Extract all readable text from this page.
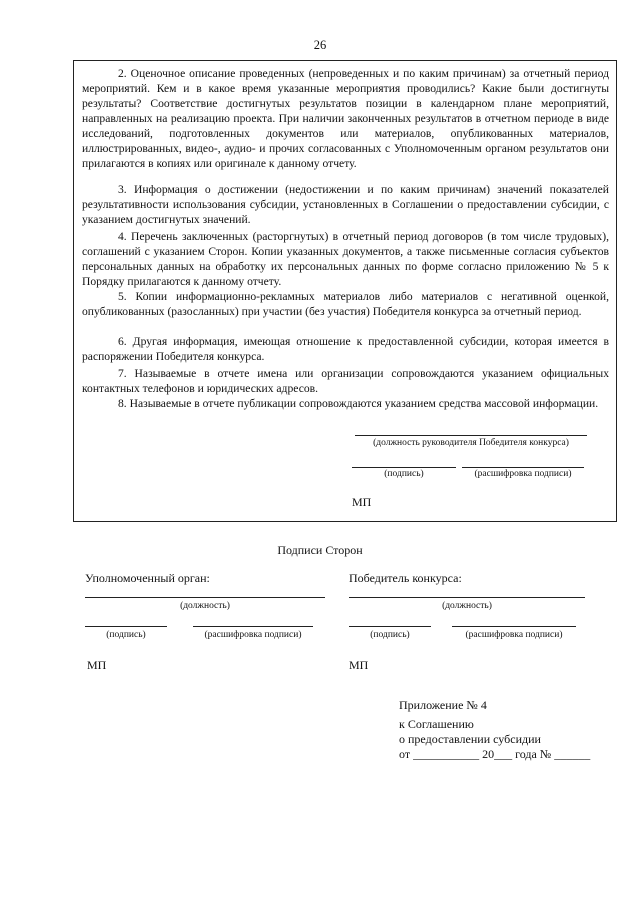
26

2. Оценочное описание проведенных (непроведенных и по каким причинам) за отчетный период мероприятий. Кем и в какое время указанные мероприятия проводились? Какие были достигнуты результаты? Соответствие достигнутых результатов позиции в календарном плане мероприятий, направленных на реализацию проекта. При наличии законченных результатов в отчетном периоде в виде исследований, подготовленных документов или материалов, опубликованных материалов, иллюстрированных, видео-, аудио- и прочих согласованных с Уполномоченным органом результатов они прилагаются в копиях или оригинале к данному отчету.

3. Информация о достижении (недостижении и по каким причинам) значений показателей результативности использования субсидии, установленных в Соглашении о предоставлении субсидии, с указанием достигнутых значений.

4. Перечень заключенных (расторгнутых) в отчетный период договоров (в том числе трудовых), соглашений с указанием Сторон. Копии указанных документов, а также письменные согласия субъектов персональных данных на обработку их персональных данных по форме согласно приложению № 5 к Порядку прилагаются к данному отчету.

5. Копии информационно-рекламных материалов либо материалов с негативной оценкой, опубликованных (разосланных) при участии (без участия) Победителя конкурса за отчетный период.

6. Другая информация, имеющая отношение к предоставленной субсидии, которая имеется в распоряжении Победителя конкурса.

7. Называемые в отчете имена или организации сопровождаются указанием официальных контактных телефонов и юридических адресов.

8. Называемые в отчете публикации сопровождаются указанием средства массовой информации.

(должность руководителя Победителя конкурса)
(подпись)	(расшифровка подписи)
МП
Подписи Сторон
Уполномоченный орган:
(должность)
(подпись)	(расшифровка подписи)
МП
Победитель конкурса:
(должность)
(подпись)	(расшифровка подписи)
МП
Приложение № 4
к Соглашению
о предоставлении субсидии
от ___________ 20___ года № ______
